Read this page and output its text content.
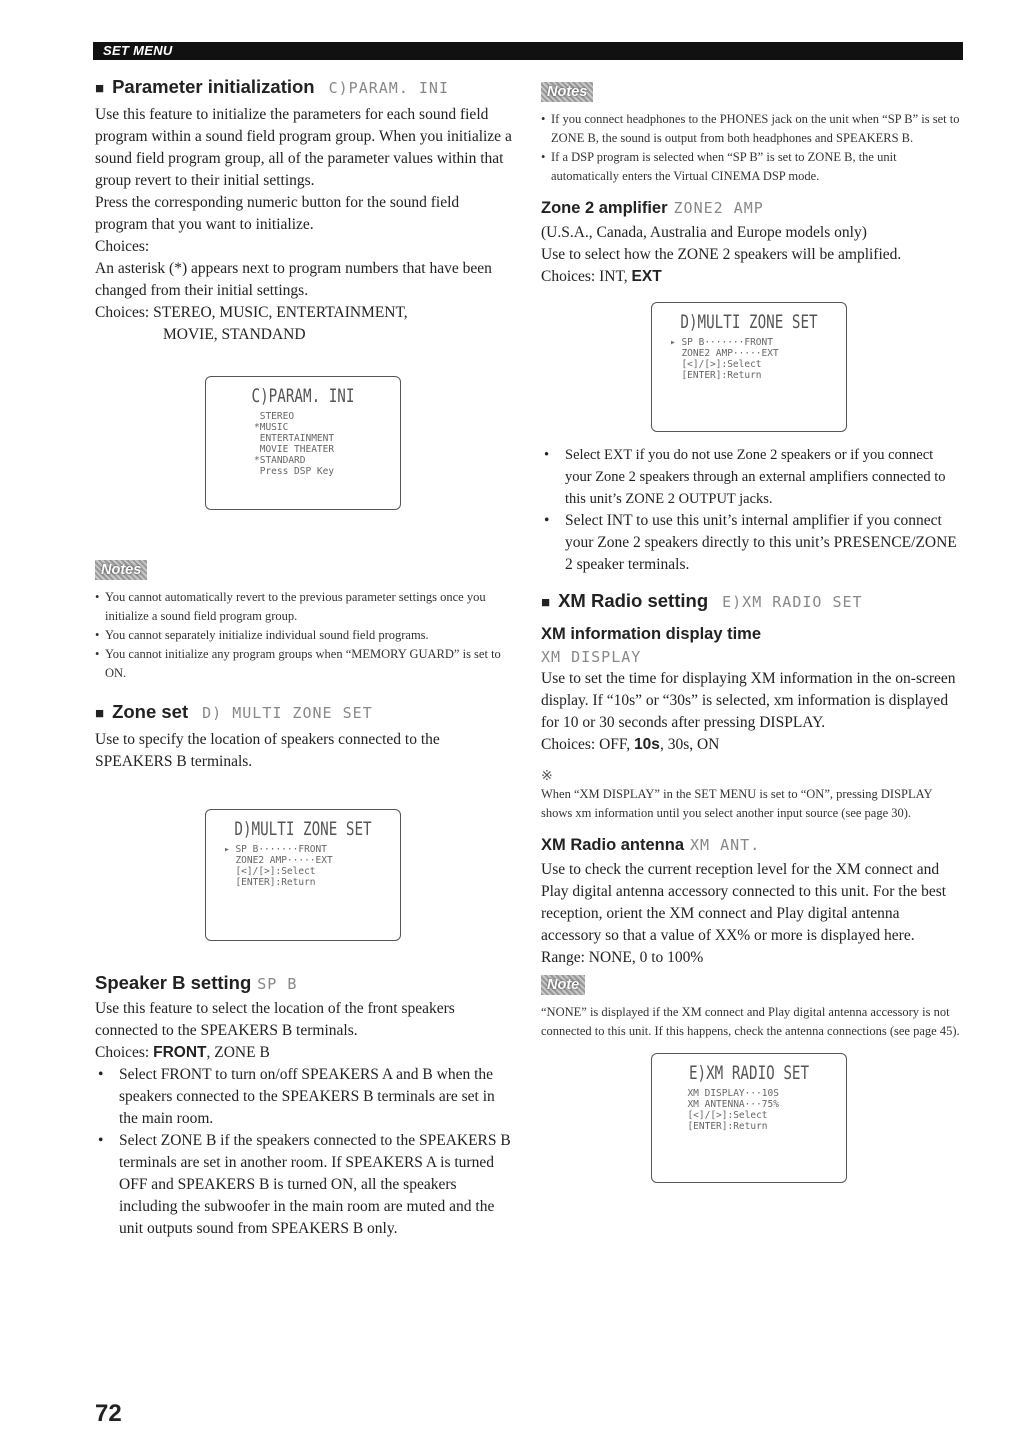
SET MENU
■ Parameter initialization C)PARAM. INI

Use this feature to initialize the parameters for each sound field program within a sound field program group. When you initialize a sound field program group, all of the parameter values within that group revert to their initial settings.

Press the corresponding numeric button for the sound field program that you want to initialize.

Choices:

An asterisk (*) appears next to program numbers that have been changed from their initial settings.

Choices: STEREO, MUSIC, ENTERTAINMENT,

MOVIE, STANDAND

C)PARAM. INI
STEREO
*MUSIC
ENTERTAINMENT
MOVIE THEATER
*STANDARD
Press DSP Key
Notes
• You cannot automatically revert to the previous parameter settings once you initialize a sound field program group.
• You cannot separately initialize individual sound field programs.
• You cannot initialize any program groups when “MEMORY GUARD” is set to ON.
■ Zone set D) MULTI ZONE SET

Use to specify the location of speakers connected to the SPEAKERS B terminals.

D)MULTI ZONE SET
▸ SP B·······FRONT
ZONE2 AMP·····EXT
[<]/[>]:Select
[ENTER]:Return
Speaker B setting SP B

Use this feature to select the location of the front speakers connected to the SPEAKERS B terminals.

Choices: FRONT, ZONE B

• Select FRONT to turn on/off SPEAKERS A and B when the speakers connected to the SPEAKERS B terminals are set in the main room.
• Select ZONE B if the speakers connected to the SPEAKERS B terminals are set in another room. If SPEAKERS A is turned OFF and SPEAKERS B is turned ON, all the speakers including the subwoofer in the main room are muted and the unit outputs sound from SPEAKERS B only.
Notes
• If you connect headphones to the PHONES jack on the unit when “SP B” is set to ZONE B, the sound is output from both headphones and SPEAKERS B.
• If a DSP program is selected when “SP B” is set to ZONE B, the unit automatically enters the Virtual CINEMA DSP mode.
Zone 2 amplifier ZONE2 AMP

(U.S.A., Canada, Australia and Europe models only)

Use to select how the ZONE 2 speakers will be amplified.

Choices: INT, EXT

D)MULTI ZONE SET
▸ SP B·······FRONT
ZONE2 AMP·····EXT
[<]/[>]:Select
[ENTER]:Return
• Select EXT if you do not use Zone 2 speakers or if you connect your Zone 2 speakers through an external amplifiers connected to this unit’s ZONE 2 OUTPUT jacks.
• Select INT to use this unit’s internal amplifier if you connect your Zone 2 speakers directly to this unit’s PRESENCE/ZONE 2 speaker terminals.
■ XM Radio setting E)XM RADIO SET
XM information display time
XM DISPLAY

Use to set the time for displaying XM information in the on-screen display. If “10s” or “30s” is selected, xm information is displayed for 10 or 30 seconds after pressing DISPLAY.

Choices: OFF, 10s, 30s, ON

※

When “XM DISPLAY” in the SET MENU is set to “ON”, pressing DISPLAY shows xm information until you select another input source (see page 30).

XM Radio antenna XM ANT.

Use to check the current reception level for the XM connect and Play digital antenna accessory connected to this unit. For the best reception, orient the XM connect and Play digital antenna accessory so that a value of XX% or more is displayed here.

Range: NONE, 0 to 100%

Note

“NONE” is displayed if the XM connect and Play digital antenna accessory is not connected to this unit. If this happens, check the antenna connections (see page 45).

E)XM RADIO SET
XM DISPLAY···10S
XM ANTENNA···75%
[<]/[>]:Select
[ENTER]:Return
72
